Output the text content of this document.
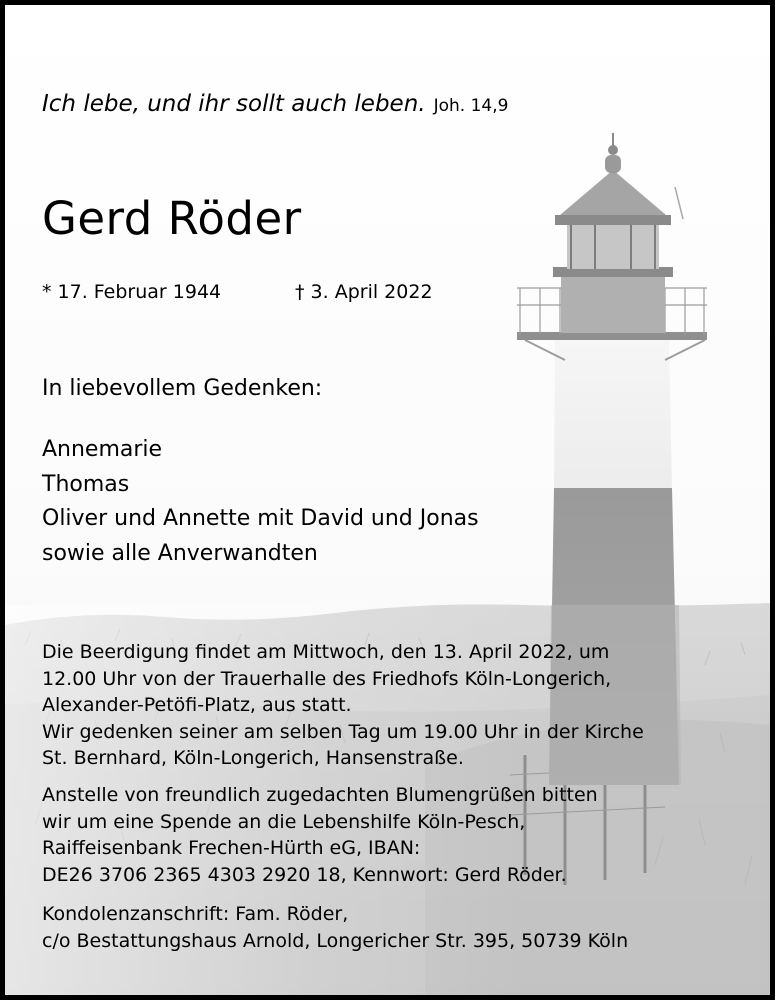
Ich lebe, und ihr sollt auch leben. Joh. 14,9
Gerd Röder
* 17. Februar 1944	† 3. April 2022
In liebevollem Gedenken:
Annemarie
Thomas
Oliver und Annette mit David und Jonas
sowie alle Anverwandten
Die Beerdigung findet am Mittwoch, den 13. April 2022, um
12.00 Uhr von der Trauerhalle des Friedhofs Köln-Longerich,
Alexander-Petöfi-Platz, aus statt.
Wir gedenken seiner am selben Tag um 19.00 Uhr in der Kirche
St. Bernhard, Köln-Longerich, Hansenstraße.
Anstelle von freundlich zugedachten Blumengrüßen bitten
wir um eine Spende an die Lebenshilfe Köln-Pesch,
Raiffeisenbank Frechen-Hürth eG, IBAN:
DE26 3706 2365 4303 2920 18, Kennwort: Gerd Röder.
Kondolenzanschrift: Fam. Röder,
c/o Bestattungshaus Arnold, Longericher Str. 395, 50739 Köln
